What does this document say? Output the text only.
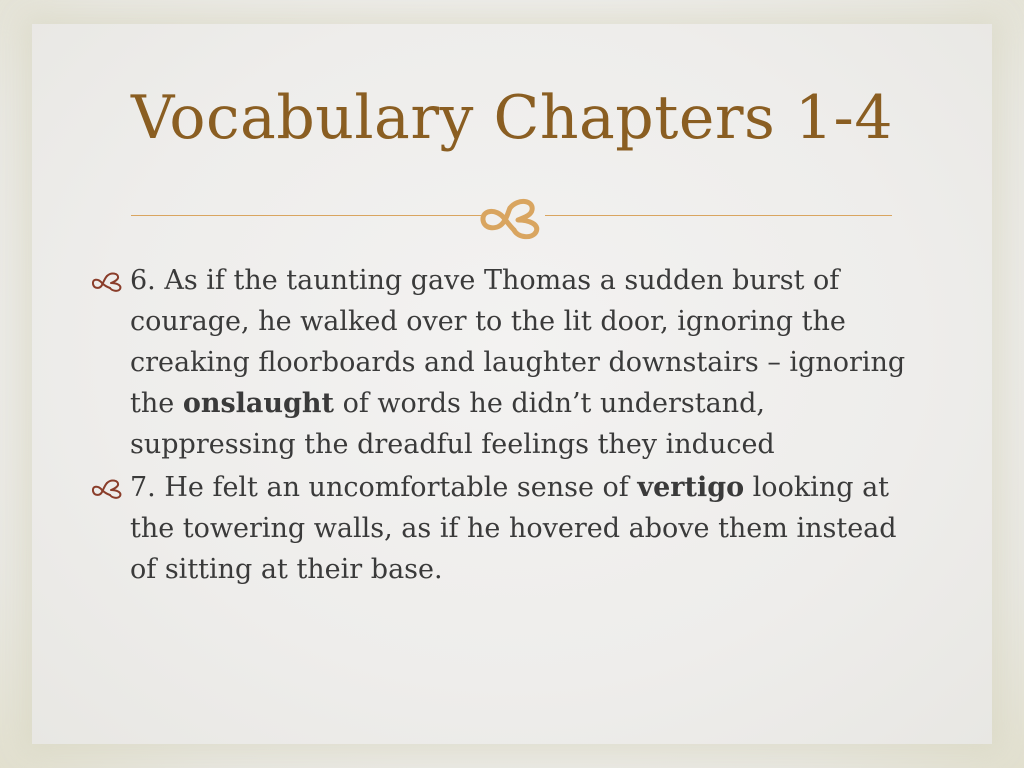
Vocabulary Chapters 1-4
6. As if the taunting gave Thomas a sudden burst of courage, he walked over to the lit door, ignoring the creaking floorboards and laughter downstairs – ignoring the onslaught of words he didn’t understand, suppressing the dreadful feelings they induced
7. He felt an uncomfortable sense of vertigo looking at the towering walls, as if he hovered above them instead of sitting at their base.
